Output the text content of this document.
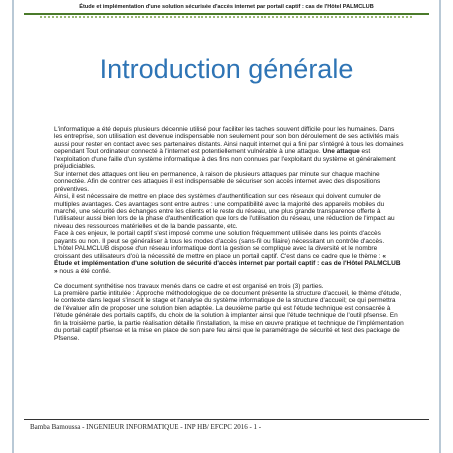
Étude et implémentation d'une solution sécurisée d'accès internet par portail captif : cas de l'Hôtel PALMCLUB
Introduction générale

L'informatique a été depuis plusieurs décennie utilisé pour faciliter les taches souvent difficile pour les humaines. Dans les entreprise, son utilisation est devenue indispensable non seulement pour son bon déroulement de ses activités mais aussi pour rester en contact avec ses partenaires distants. Ainsi naquit internet qui a fini par s'intégré à tous les domaines cependant Tout ordinateur connecté à l'internet est potentiellement vulnérable à une attaque. Une attaque est l'exploitation d'une faille d'un système informatique à des fins non connues par l'exploitant du système et généralement préjudiciables.

Sur internet des attaques ont lieu en permanence, à raison de plusieurs attaques par minute sur chaque machine connectée. Afin de contrer ces attaques il est indispensable de sécuriser son accès internet avec des dispositions préventives.

Ainsi, il est nécessaire de mettre en place des systèmes d'authentification sur ces réseaux qui doivent cumuler de multiples avantages. Ces avantages sont entre autres : une compatibilité avec la majorité des appareils mobiles du marché, une sécurité des échanges entre les clients et le reste du réseau, une plus grande transparence offerte à l'utilisateur aussi bien lors de la phase d'authentification que lors de l'utilisation du réseau, une réduction de l'impact au niveau des ressources matérielles et de la bande passante, etc.

Face à ces enjeux, le portail captif s'est imposé comme une solution fréquemment utilisée dans les points d'accès payants ou non. Il peut se généraliser à tous les modes d'accès (sans-fil ou filaire) nécessitant un contrôle d'accès.

L'hôtel PALMCLUB dispose d'un réseau informatique dont la gestion se complique avec la diversité et le nombre croissant des utilisateurs d'où la nécessité de mettre en place un portail captif. C'est dans ce cadre que le thème : « Étude et implémentation d'une solution de sécurité d'accès internet par portail captif : cas de l'Hôtel PALMCLUB » nous a été confié.

Ce document synthétise nos travaux menés dans ce cadre et est organisé en trois (3) parties.

La première partie intitulée : Approche méthodologique de ce document présente la structure d'accueil, le thème d'étude, le contexte dans lequel s'inscrit le stage et l'analyse du système informatique de la structure d'accueil; ce qui permettra de l'évaluer afin de proposer une solution bien adaptée. La deuxième partie qui est l'étude technique est consacrée à l'étude générale des portails captifs, du choix de la solution à implanter ainsi que l'étude technique de l'outil pfsense. En fin la troisième partie, la partie réalisation détaille l'installation, la mise en œuvre pratique et technique de l'implémentation du portail captif pfsense et la mise en place de son pare feu ainsi que le paramétrage de sécurité et test des package de Pfsense.

Bamba Bamoussa - INGENIEUR INFORMATIQUE - INP HB/ EFCPC 2016 - 1 -
